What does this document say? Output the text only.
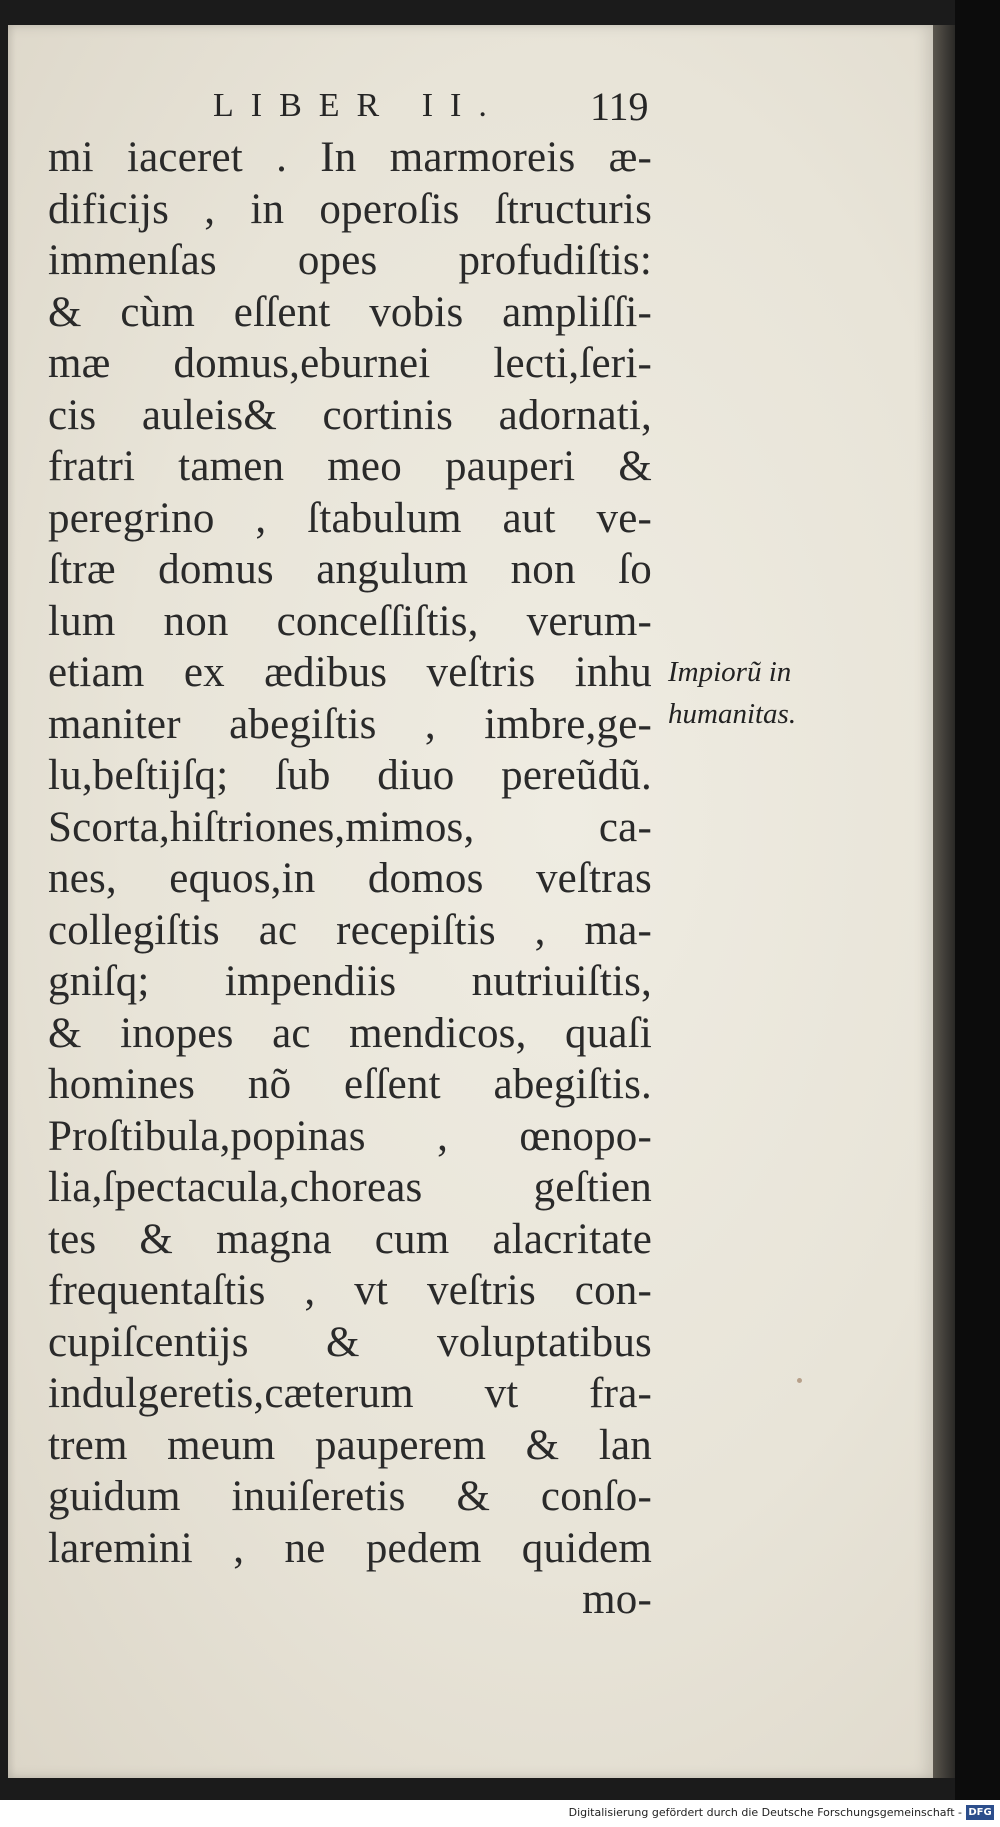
LIBER II. 119
mi iaceret . In marmoreis æ-
dificijs , in operoſis ſtructuris
immenſas opes profudiſtis:
& cùm eſſent vobis ampliſſi-
mæ domus,eburnei lecti,ſeri-
cis auleis& cortinis adornati,
fratri tamen meo pauperi &
peregrino , ſtabulum aut ve-
ſtræ domus angulum non ſo
lum non conceſſiſtis, verum-
etiam ex ædibus veſtris inhu
maniter abegiſtis , imbre,ge-
lu,beſtijſq; ſub diuo pereũdũ.
Scorta,hiſtriones,mimos, ca-
nes, equos,in domos veſtras
collegiſtis ac recepiſtis , ma-
gniſq; impendiis nutriuiſtis,
& inopes ac mendicos, quaſi
homines nõ eſſent abegiſtis.
Proſtibula,popinas , œnopo-
lia,ſpectacula,choreas geſtien
tes & magna cum alacritate
frequentaſtis , vt veſtris con-
cupiſcentijs & voluptatibus
indulgeretis,cæterum vt fra-
trem meum pauperem & lan
guidum inuiſeretis & conſo-
laremini , ne pedem quidem
mo-
Impiorũ in
humanitas.
Digitalisierung gefördert durch die Deutsche Forschungsgemeinschaft - DFG
